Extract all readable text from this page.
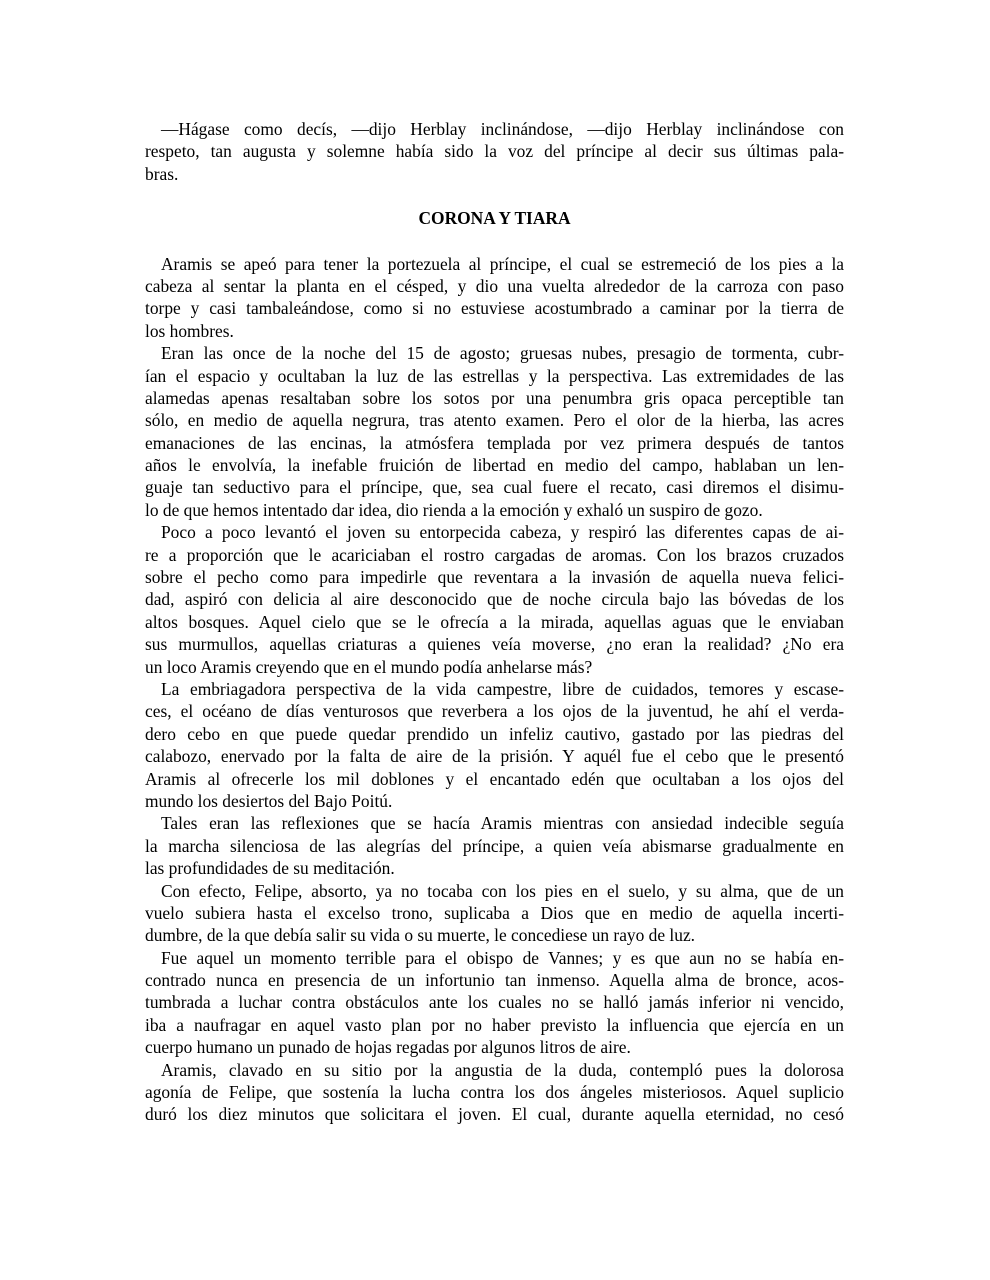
—Hágase como decís, —dijo Herblay inclinándose, —dijo Herblay inclinándose con
respeto, tan augusta y solemne había sido la voz del príncipe al decir sus últimas pala-
bras.
CORONA Y TIARA
Aramis se apeó para tener la portezuela al príncipe, el cual se estremeció de los pies a la
cabeza al sentar la planta en el césped, y dio una vuelta alrededor de la carroza con paso
torpe y casi tambaleándose, como si no estuviese acostumbrado a caminar por la tierra de
los hombres.
Eran las once de la noche del 15 de agosto; gruesas nubes, presagio de tormenta, cubr-
ían el espacio y ocultaban la luz de las estrellas y la perspectiva. Las extremidades de las
alamedas apenas resaltaban sobre los sotos por una penumbra gris opaca perceptible tan
sólo, en medio de aquella negrura, tras atento examen. Pero el olor de la hierba, las acres
emanaciones de las encinas, la atmósfera templada por vez primera después de tantos
años le envolvía, la inefable fruición de libertad en medio del campo, hablaban un len-
guaje tan seductivo para el príncipe, que, sea cual fuere el recato, casi diremos el disimu-
lo de que hemos intentado dar idea, dio rienda a la emoción y exhaló un suspiro de gozo.
Poco a poco levantó el joven su entorpecida cabeza, y respiró las diferentes capas de ai-
re a proporción que le acariciaban el rostro cargadas de aromas. Con los brazos cruzados
sobre el pecho como para impedirle que reventara a la invasión de aquella nueva felici-
dad, aspiró con delicia al aire desconocido que de noche circula bajo las bóvedas de los
altos bosques. Aquel cielo que se le ofrecía a la mirada, aquellas aguas que le enviaban
sus murmullos, aquellas criaturas a quienes veía moverse, ¿no eran la realidad? ¿No era
un loco Aramis creyendo que en el mundo podía anhelarse más?
La embriagadora perspectiva de la vida campestre, libre de cuidados, temores y escase-
ces, el océano de días venturosos que reverbera a los ojos de la juventud, he ahí el verda-
dero cebo en que puede quedar prendido un infeliz cautivo, gastado por las piedras del
calabozo, enervado por la falta de aire de la prisión. Y aquél fue el cebo que le presentó
Aramis al ofrecerle los mil doblones y el encantado edén que ocultaban a los ojos del
mundo los desiertos del Bajo Poitú.
Tales eran las reflexiones que se hacía Aramis mientras con ansiedad indecible seguía
la marcha silenciosa de las alegrías del príncipe, a quien veía abismarse gradualmente en
las profundidades de su meditación.
Con efecto, Felipe, absorto, ya no tocaba con los pies en el suelo, y su alma, que de un
vuelo subiera hasta el excelso trono, suplicaba a Dios que en medio de aquella incerti-
dumbre, de la que debía salir su vida o su muerte, le concediese un rayo de luz.
Fue aquel un momento terrible para el obispo de Vannes; y es que aun no se había en-
contrado nunca en presencia de un infortunio tan inmenso. Aquella alma de bronce, acos-
tumbrada a luchar contra obstáculos ante los cuales no se halló jamás inferior ni vencido,
iba a naufragar en aquel vasto plan por no haber previsto la influencia que ejercía en un
cuerpo humano un punado de hojas regadas por algunos litros de aire.
Aramis, clavado en su sitio por la angustia de la duda, contempló pues la dolorosa
agonía de Felipe, que sostenía la lucha contra los dos ángeles misteriosos. Aquel suplicio
duró los diez minutos que solicitara el joven. El cual, durante aquella eternidad, no cesó
